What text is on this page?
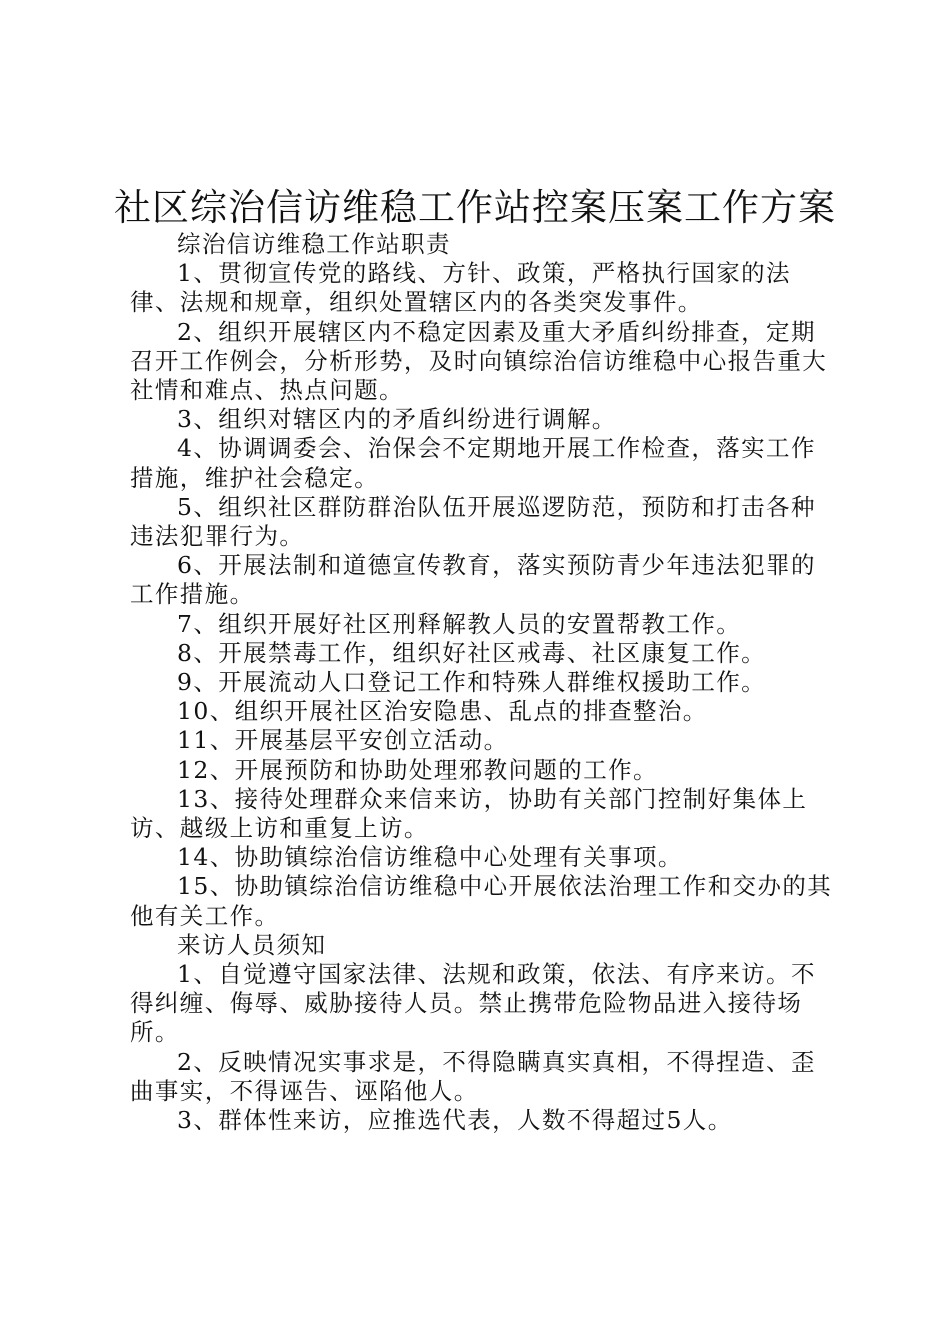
社区综治信访维稳工作站控案压案工作方案

综治信访维稳工作站职责

1、贯彻宣传党的路线、方针、政策，严格执行国家的法律、法规和规章，组织处置辖区内的各类突发事件。

2、组织开展辖区内不稳定因素及重大矛盾纠纷排查，定期召开工作例会，分析形势，及时向镇综治信访维稳中心报告重大社情和难点、热点问题。

3、组织对辖区内的矛盾纠纷进行调解。

4、协调调委会、治保会不定期地开展工作检查，落实工作措施，维护社会稳定。

5、组织社区群防群治队伍开展巡逻防范，预防和打击各种违法犯罪行为。

6、开展法制和道德宣传教育，落实预防青少年违法犯罪的工作措施。

7、组织开展好社区刑释解教人员的安置帮教工作。

8、开展禁毒工作，组织好社区戒毒、社区康复工作。

9、开展流动人口登记工作和特殊人群维权援助工作。

10、组织开展社区治安隐患、乱点的排查整治。

11、开展基层平安创立活动。

12、开展预防和协助处理邪教问题的工作。

13、接待处理群众来信来访，协助有关部门控制好集体上访、越级上访和重复上访。

14、协助镇综治信访维稳中心处理有关事项。

15、协助镇综治信访维稳中心开展依法治理工作和交办的其他有关工作。

来访人员须知

1、自觉遵守国家法律、法规和政策，依法、有序来访。不得纠缠、侮辱、威胁接待人员。禁止携带危险物品进入接待场所。

2、反映情况实事求是，不得隐瞒真实真相，不得捏造、歪曲事实，不得诬告、诬陷他人。

3、群体性来访，应推选代表，人数不得超过5人。
